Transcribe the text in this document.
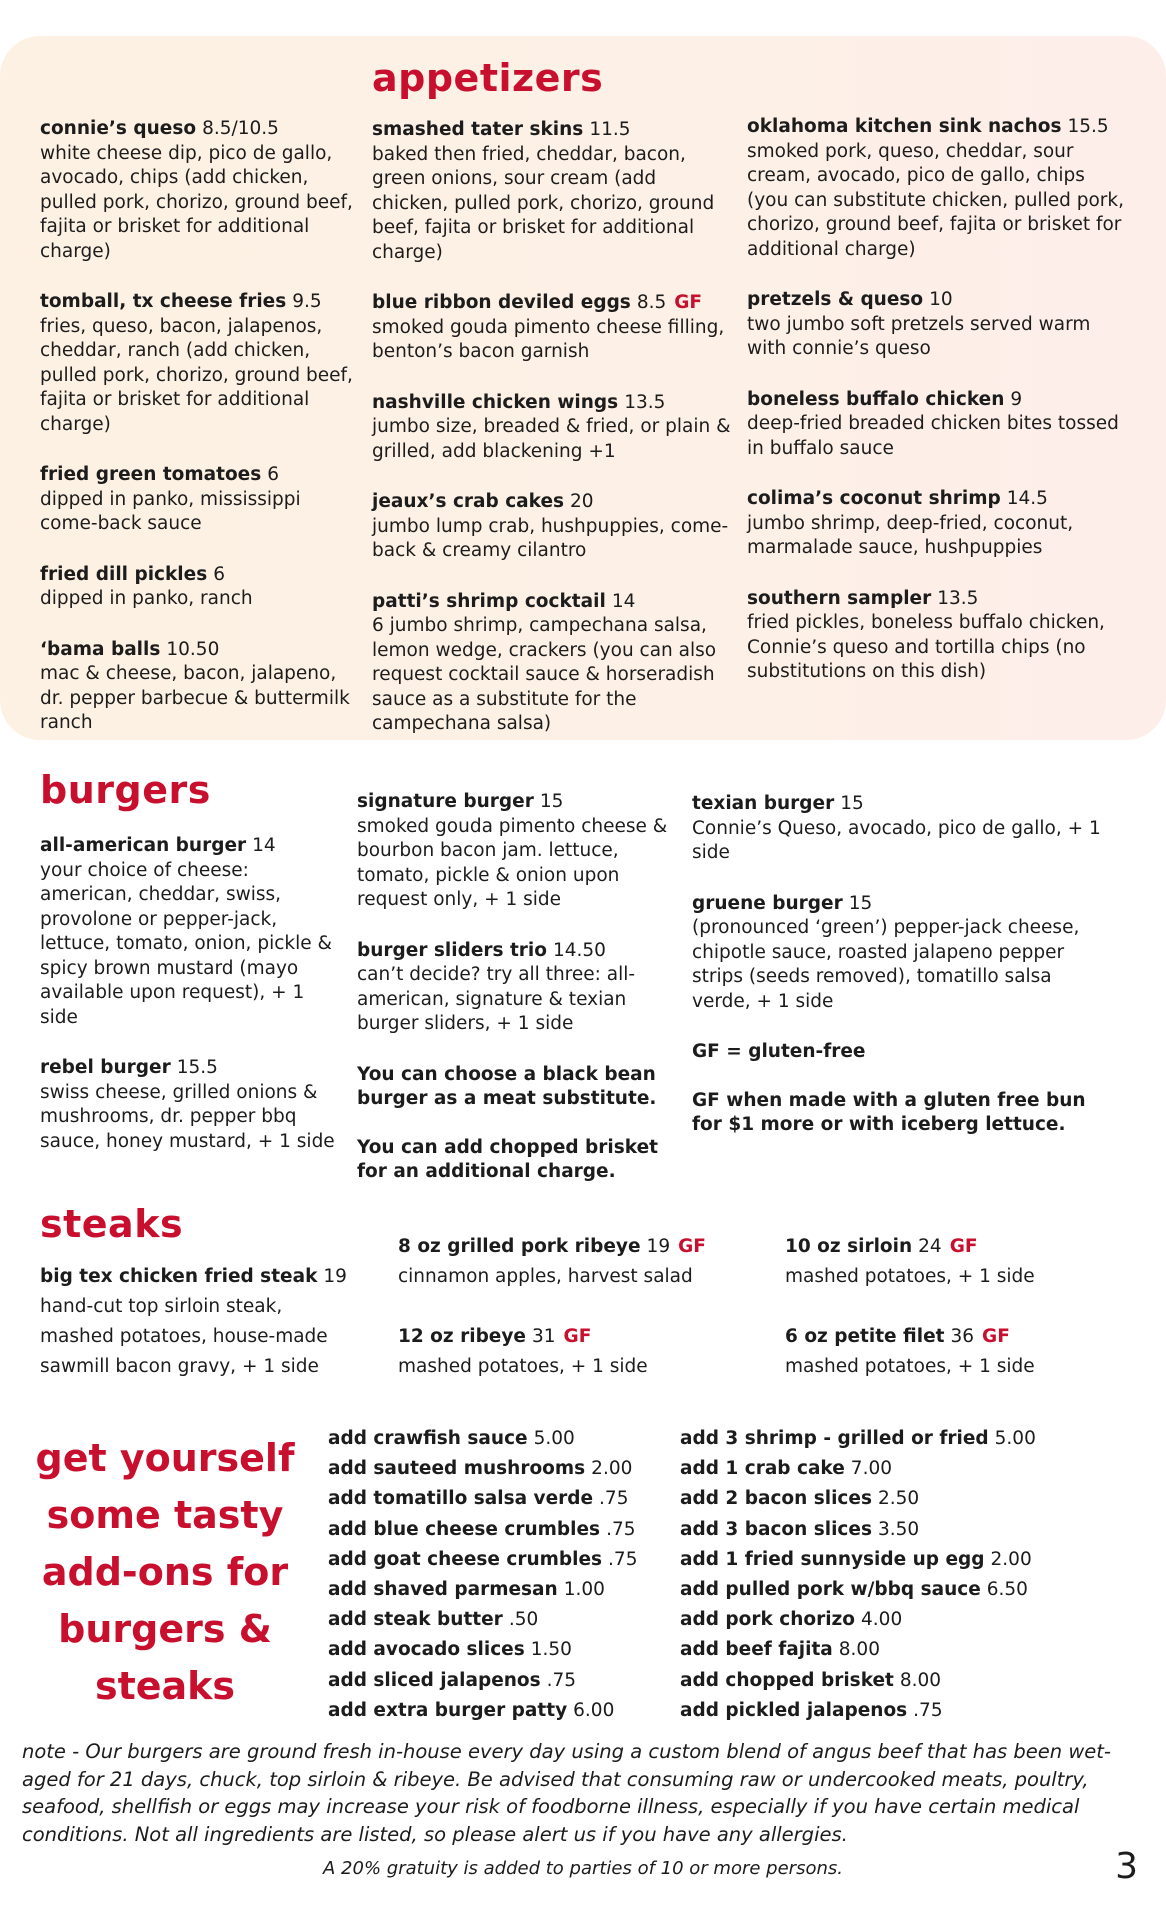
appetizers
connie’s queso 8.5/10.5
white cheese dip, pico de gallo, avocado, chips (add chicken, pulled pork, chorizo, ground beef, fajita or brisket for additional charge)
tomball, tx cheese fries 9.5
fries, queso, bacon, jalapenos, cheddar, ranch (add chicken, pulled pork, chorizo, ground beef, fajita or brisket for additional charge)
fried green tomatoes 6
dipped in panko, mississippi come-back sauce
fried dill pickles 6
dipped in panko, ranch
‘bama balls 10.50
mac & cheese, bacon, jalapeno, dr. pepper barbecue & buttermilk ranch
smashed tater skins 11.5
baked then fried, cheddar, bacon, green onions, sour cream (add chicken, pulled pork, chorizo, ground beef, fajita or brisket for additional charge)
blue ribbon deviled eggs 8.5 GF
smoked gouda pimento cheese filling, benton’s bacon garnish
nashville chicken wings 13.5
jumbo size, breaded & fried, or plain & grilled, add blackening +1
jeaux’s crab cakes 20
jumbo lump crab, hushpuppies, come-back & creamy cilantro
patti’s shrimp cocktail 14
6 jumbo shrimp, campechana salsa, lemon wedge, crackers (you can also request cocktail sauce & horseradish sauce as a substitute for the campechana salsa)
oklahoma kitchen sink nachos 15.5
smoked pork, queso, cheddar, sour cream, avocado, pico de gallo, chips (you can substitute chicken, pulled pork, chorizo, ground beef, fajita or brisket for additional charge)
pretzels & queso 10
two jumbo soft pretzels served warm with connie’s queso
boneless buffalo chicken 9
deep-fried breaded chicken bites tossed in buffalo sauce
colima’s coconut shrimp 14.5
jumbo shrimp, deep-fried, coconut, marmalade sauce, hushpuppies
southern sampler 13.5
fried pickles, boneless buffalo chicken, Connie’s queso and tortilla chips (no substitutions on this dish)
burgers
all-american burger 14
your choice of cheese: american, cheddar, swiss, provolone or pepper-jack, lettuce, tomato, onion, pickle & spicy brown mustard (mayo available upon request), + 1 side
rebel burger 15.5
swiss cheese, grilled onions & mushrooms, dr. pepper bbq sauce, honey mustard, + 1 side
signature burger 15
smoked gouda pimento cheese & bourbon bacon jam. lettuce, tomato, pickle & onion upon request only, + 1 side
burger sliders trio 14.50
can’t decide? try all three: all-american, signature & texian burger sliders, + 1 side
You can choose a black bean burger as a meat substitute.
You can add chopped brisket for an additional charge.
texian burger 15
Connie’s Queso, avocado, pico de gallo, + 1 side
gruene burger 15
(pronounced ‘green’) pepper-jack cheese, chipotle sauce, roasted jalapeno pepper strips (seeds removed), tomatillo salsa verde, + 1 side
GF = gluten-free
GF when made with a gluten free bun for $1 more or with iceberg lettuce.
steaks
big tex chicken fried steak 19
hand-cut top sirloin steak, mashed potatoes, house-made sawmill bacon gravy, + 1 side
8 oz grilled pork ribeye 19 GF
cinnamon apples, harvest salad
12 oz ribeye 31 GF
mashed potatoes, + 1 side
10 oz sirloin 24 GF
mashed potatoes, + 1 side
6 oz petite filet 36 GF
mashed potatoes, + 1 side
get yourself
some tasty
add-ons for
burgers &
steaks
add crawfish sauce 5.00
add sauteed mushrooms 2.00
add tomatillo salsa verde .75
add blue cheese crumbles .75
add goat cheese crumbles .75
add shaved parmesan 1.00
add steak butter .50
add avocado slices 1.50
add sliced jalapenos .75
add extra burger patty 6.00
add 3 shrimp - grilled or fried 5.00
add 1 crab cake 7.00
add 2 bacon slices 2.50
add 3 bacon slices 3.50
add 1 fried sunnyside up egg 2.00
add pulled pork w/bbq sauce 6.50
add pork chorizo 4.00
add beef fajita 8.00
add chopped brisket 8.00
add pickled jalapenos .75
note - Our burgers are ground fresh in-house every day using a custom blend of angus beef that has been wet-aged for 21 days, chuck, top sirloin & ribeye. Be advised that consuming raw or undercooked meats, poultry, seafood, shellfish or eggs may increase your risk of foodborne illness, especially if you have certain medical conditions. Not all ingredients are listed, so please alert us if you have any allergies.
A 20% gratuity is added to parties of 10 or more persons.	3
